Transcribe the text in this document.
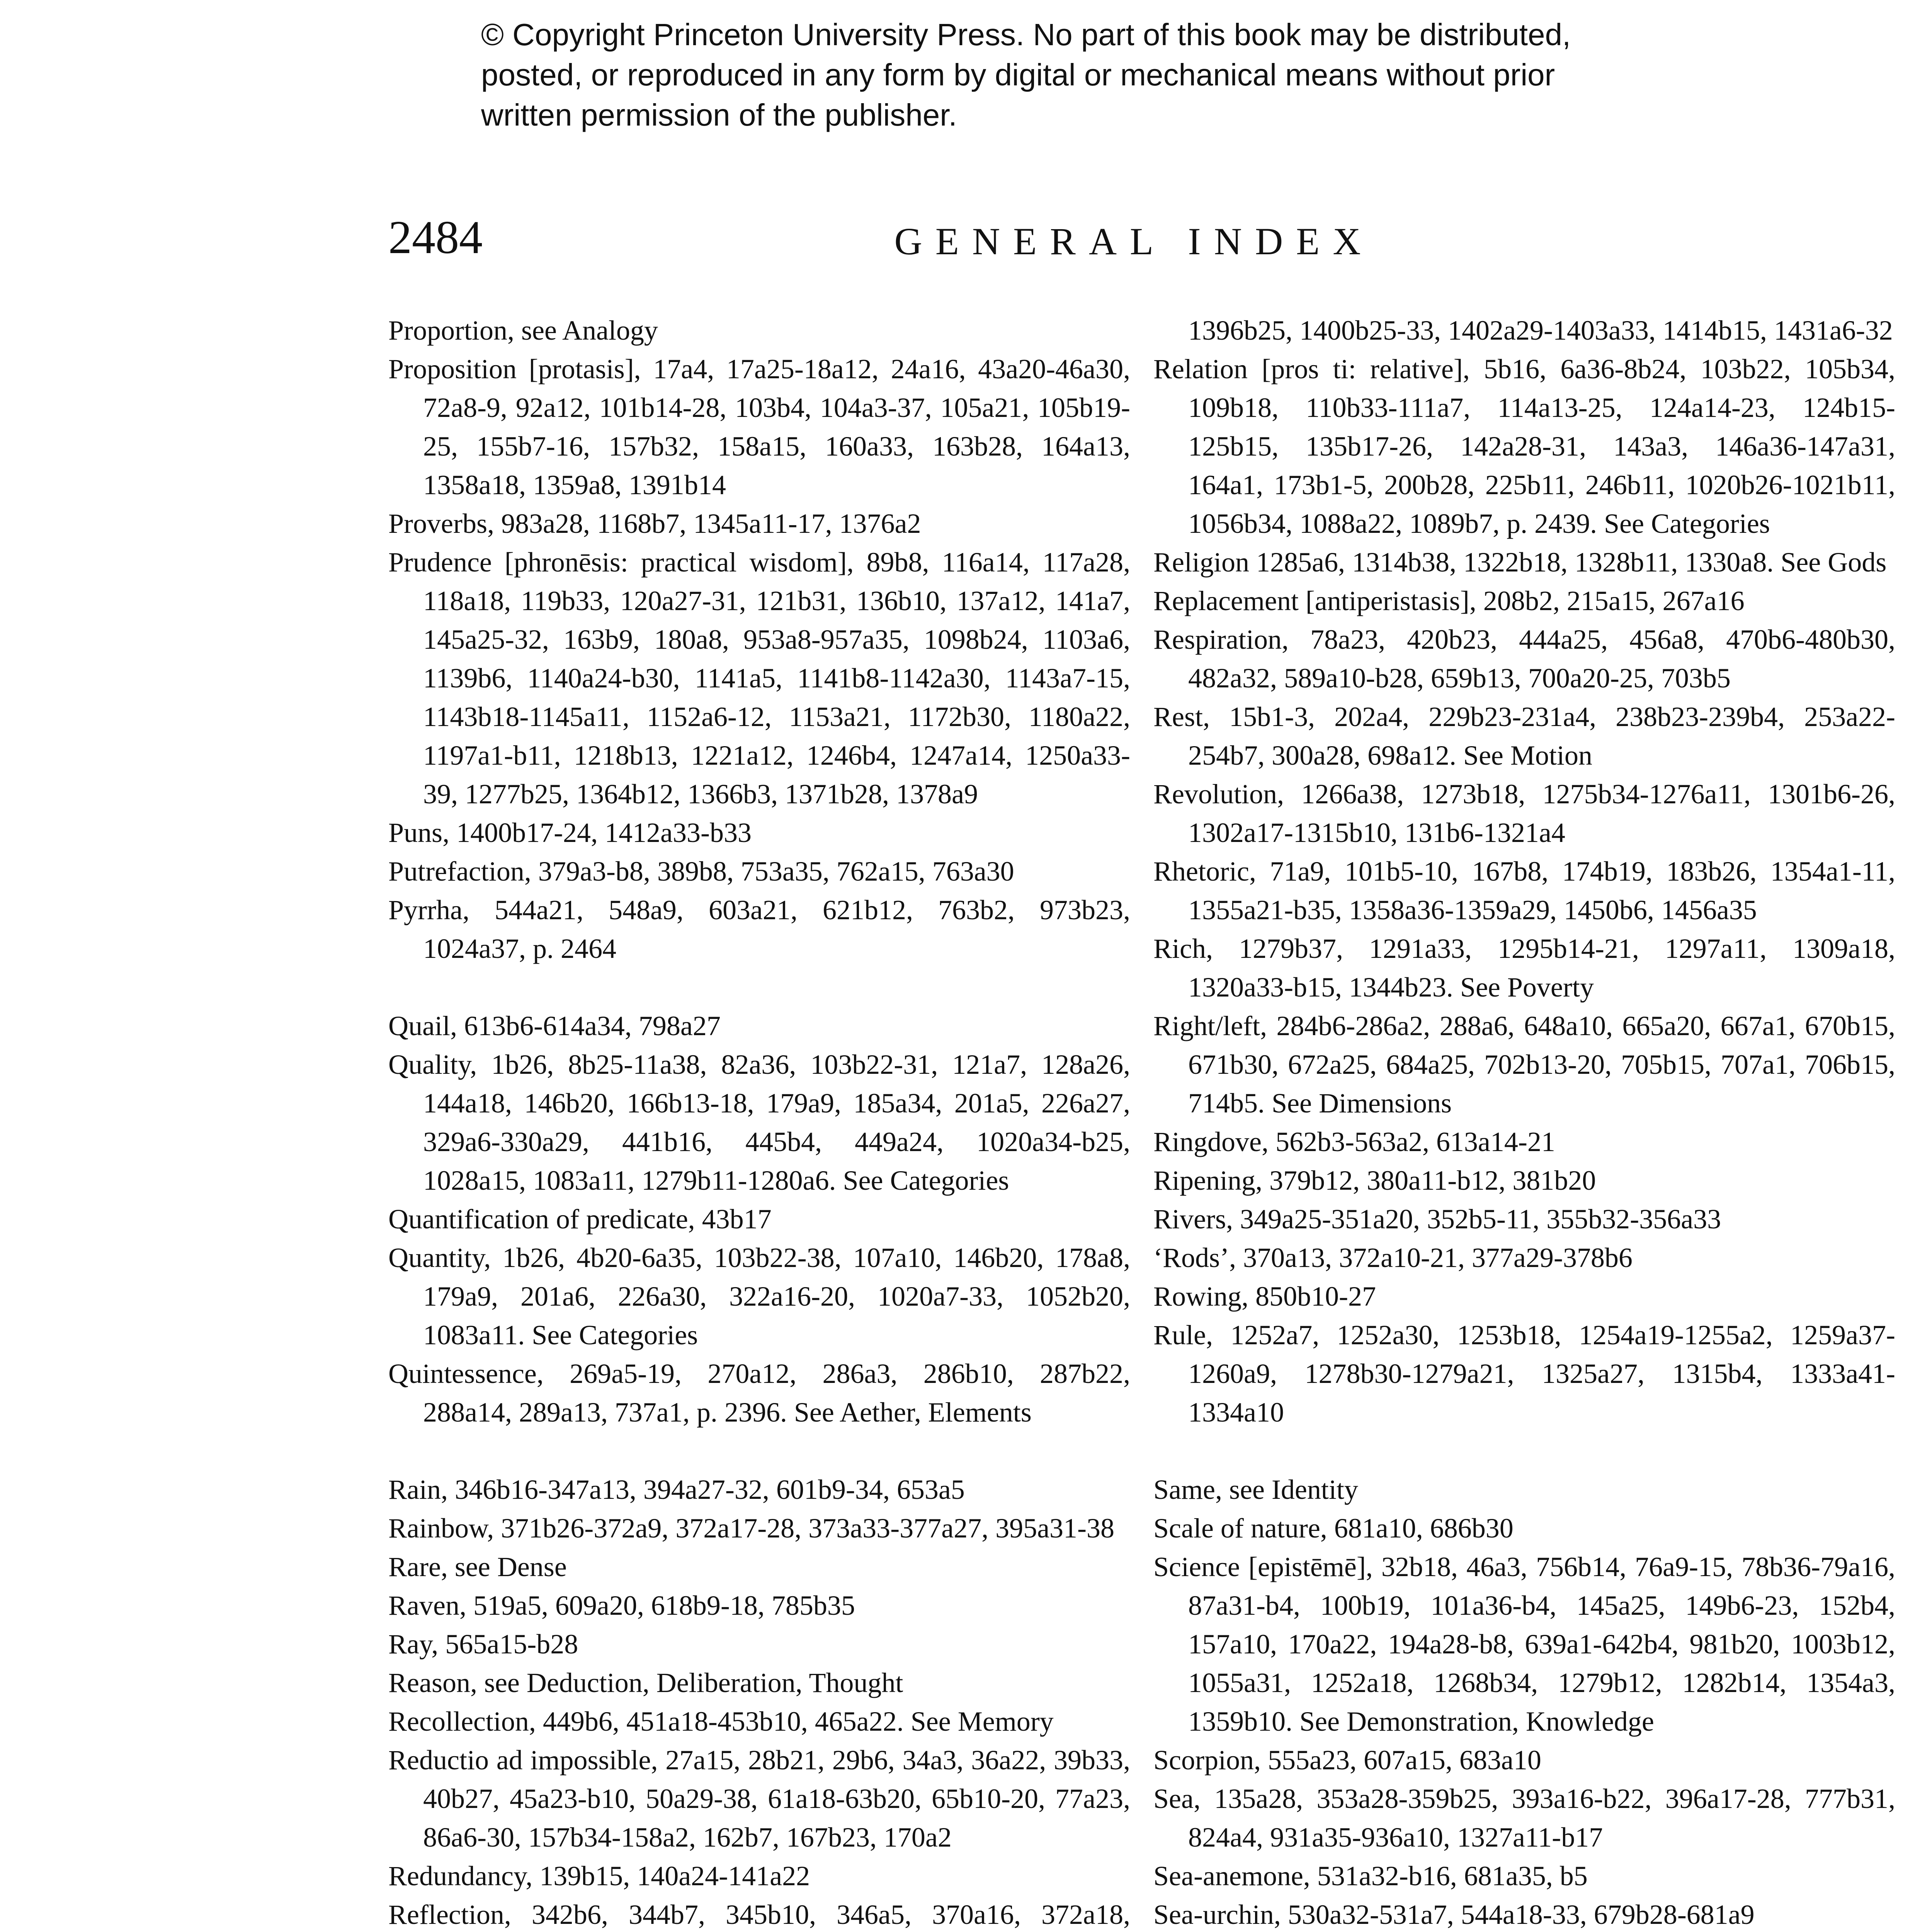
© Copyright Princeton University Press. No part of this book may be distributed, posted, or reproduced in any form by digital or mechanical means without prior written permission of the publisher.

2484	GENERAL INDEX

Proportion, see Analogy

Proposition [protasis], 17a4, 17a25-18a12, 24a16, 43a20-46a30, 72a8-9, 92a12, 101b14-28, 103b4, 104a3-37, 105a21, 105b19-25, 155b7-16, 157b32, 158a15, 160a33, 163b28, 164a13, 1358a18, 1359a8, 1391b14

Proverbs, 983a28, 1168b7, 1345a11-17, 1376a2

Prudence [phronēsis: practical wisdom], 89b8, 116a14, 117a28, 118a18, 119b33, 120a27-31, 121b31, 136b10, 137a12, 141a7, 145a25-32, 163b9, 180a8, 953a8-957a35, 1098b24, 1103a6, 1139b6, 1140a24-b30, 1141a5, 1141b8-1142a30, 1143a7-15, 1143b18-1145a11, 1152a6-12, 1153a21, 1172b30, 1180a22, 1197a1-b11, 1218b13, 1221a12, 1246b4, 1247a14, 1250a33-39, 1277b25, 1364b12, 1366b3, 1371b28, 1378a9

Puns, 1400b17-24, 1412a33-b33

Putrefaction, 379a3-b8, 389b8, 753a35, 762a15, 763a30

Pyrrha, 544a21, 548a9, 603a21, 621b12, 763b2, 973b23, 1024a37, p. 2464

Quail, 613b6-614a34, 798a27

Quality, 1b26, 8b25-11a38, 82a36, 103b22-31, 121a7, 128a26, 144a18, 146b20, 166b13-18, 179a9, 185a34, 201a5, 226a27, 329a6-330a29, 441b16, 445b4, 449a24, 1020a34-b25, 1028a15, 1083a11, 1279b11-1280a6. See Categories

Quantification of predicate, 43b17

Quantity, 1b26, 4b20-6a35, 103b22-38, 107a10, 146b20, 178a8, 179a9, 201a6, 226a30, 322a16-20, 1020a7-33, 1052b20, 1083a11. See Categories

Quintessence, 269a5-19, 270a12, 286a3, 286b10, 287b22, 288a14, 289a13, 737a1, p. 2396. See Aether, Elements

Rain, 346b16-347a13, 394a27-32, 601b9-34, 653a5

Rainbow, 371b26-372a9, 372a17-28, 373a33-377a27, 395a31-38

Rare, see Dense

Raven, 519a5, 609a20, 618b9-18, 785b35

Ray, 565a15-b28

Reason, see Deduction, Deliberation, Thought

Recollection, 449b6, 451a18-453b10, 465a22. See Memory

Reductio ad impossible, 27a15, 28b21, 29b6, 34a3, 36a22, 39b33, 40b27, 45a23-b10, 50a29-38, 61a18-63b20, 65b10-20, 77a23, 86a6-30, 157b34-158a2, 162b7, 167b23, 170a2

Redundancy, 139b15, 140a24-141a22

Reflection, 342b6, 344b7, 345b10, 346a5, 370a16, 372a18,

1396b25, 1400b25-33, 1402a29-1403a33, 1414b15, 1431a6-32

Relation [pros ti: relative], 5b16, 6a36-8b24, 103b22, 105b34, 109b18, 110b33-111a7, 114a13-25, 124a14-23, 124b15-125b15, 135b17-26, 142a28-31, 143a3, 146a36-147a31, 164a1, 173b1-5, 200b28, 225b11, 246b11, 1020b26-1021b11, 1056b34, 1088a22, 1089b7, p. 2439. See Categories

Religion 1285a6, 1314b38, 1322b18, 1328b11, 1330a8. See Gods

Replacement [antiperistasis], 208b2, 215a15, 267a16

Respiration, 78a23, 420b23, 444a25, 456a8, 470b6-480b30, 482a32, 589a10-b28, 659b13, 700a20-25, 703b5

Rest, 15b1-3, 202a4, 229b23-231a4, 238b23-239b4, 253a22-254b7, 300a28, 698a12. See Motion

Revolution, 1266a38, 1273b18, 1275b34-1276a11, 1301b6-26, 1302a17-1315b10, 131b6-1321a4

Rhetoric, 71a9, 101b5-10, 167b8, 174b19, 183b26, 1354a1-11, 1355a21-b35, 1358a36-1359a29, 1450b6, 1456a35

Rich, 1279b37, 1291a33, 1295b14-21, 1297a11, 1309a18, 1320a33-b15, 1344b23. See Poverty

Right/left, 284b6-286a2, 288a6, 648a10, 665a20, 667a1, 670b15, 671b30, 672a25, 684a25, 702b13-20, 705b15, 707a1, 706b15, 714b5. See Dimensions

Ringdove, 562b3-563a2, 613a14-21

Ripening, 379b12, 380a11-b12, 381b20

Rivers, 349a25-351a20, 352b5-11, 355b32-356a33

‘Rods’, 370a13, 372a10-21, 377a29-378b6

Rowing, 850b10-27

Rule, 1252a7, 1252a30, 1253b18, 1254a19-1255a2, 1259a37-1260a9, 1278b30-1279a21, 1325a27, 1315b4, 1333a41-1334a10

Same, see Identity

Scale of nature, 681a10, 686b30

Science [epistēmē], 32b18, 46a3, 756b14, 76a9-15, 78b36-79a16, 87a31-b4, 100b19, 101a36-b4, 145a25, 149b6-23, 152b4, 157a10, 170a22, 194a28-b8, 639a1-642b4, 981b20, 1003b12, 1055a31, 1252a18, 1268b34, 1279b12, 1282b14, 1354a3, 1359b10. See Demonstration, Knowledge

Scorpion, 555a23, 607a15, 683a10

Sea, 135a28, 353a28-359b25, 393a16-b22, 396a17-28, 777b31, 824a4, 931a35-936a10, 1327a11-b17

Sea-anemone, 531a32-b16, 681a35, b5

Sea-urchin, 530a32-531a7, 544a18-33, 679b28-681a9
